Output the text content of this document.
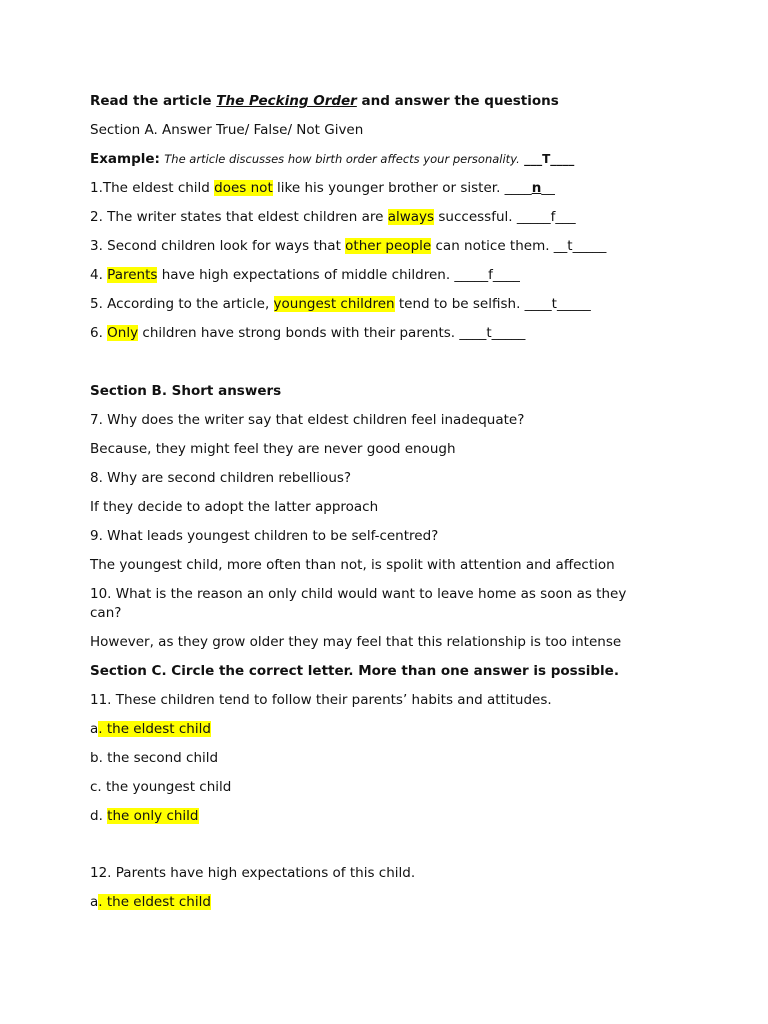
Read the article The Pecking Order and answer the questions
Section A. Answer True/ False/ Not Given
Example: The article discusses how birth order affects your personality. ___T____
1.The eldest child does not like his younger brother or sister. ____n__
2. The writer states that eldest children are always successful. _____f___
3. Second children look for ways that other people can notice them. __t_____
4. Parents have high expectations of middle children. _____f____
5. According to the article, youngest children tend to be selfish. ____t_____
6. Only children have strong bonds with their parents. ____t_____
Section B. Short answers
7. Why does the writer say that eldest children feel inadequate?
Because, they might feel they are never good enough
8. Why are second children rebellious?
If they decide to adopt the latter approach
9. What leads youngest children to be self-centred?
The youngest child, more often than not, is spolit with attention and affection
10. What is the reason an only child would want to leave home as soon as they can?
However, as they grow older they may feel that this relationship is too intense
Section C. Circle the correct letter. More than one answer is possible.
11. These children tend to follow their parents’ habits and attitudes.
a. the eldest child
b. the second child
c. the youngest child
d. the only child
12. Parents have high expectations of this child.
a. the eldest child
